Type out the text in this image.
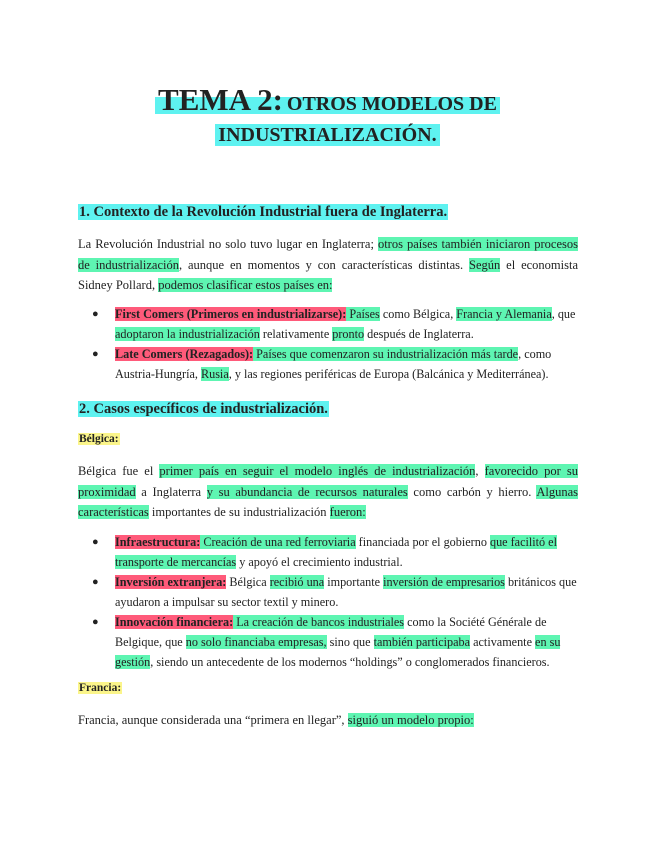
TEMA 2: OTROS MODELOS DE
INDUSTRIALIZACIÓN.
1. Contexto de la Revolución Industrial fuera de Inglaterra.
La Revolución Industrial no solo tuvo lugar en Inglaterra; otros países también iniciaron procesos de industrialización, aunque en momentos y con características distintas. Según el economista Sidney Pollard, podemos clasificar estos países en:
● First Comers (Primeros en industrializarse): Países como Bélgica, Francia y Alemania, que adoptaron la industrialización relativamente pronto después de Inglaterra.
● Late Comers (Rezagados): Países que comenzaron su industrialización más tarde, como Austria-Hungría, Rusia, y las regiones periféricas de Europa (Balcánica y Mediterránea).
2. Casos específicos de industrialización.
Bélgica:
Bélgica fue el primer país en seguir el modelo inglés de industrialización, favorecido por su proximidad a Inglaterra y su abundancia de recursos naturales como carbón y hierro. Algunas características importantes de su industrialización fueron:
● Infraestructura: Creación de una red ferroviaria financiada por el gobierno que facilitó el transporte de mercancías y apoyó el crecimiento industrial.
● Inversión extranjera: Bélgica recibió una importante inversión de empresarios británicos que ayudaron a impulsar su sector textil y minero.
● Innovación financiera: La creación de bancos industriales como la Société Générale de Belgique, que no solo financiaba empresas, sino que también participaba activamente en su gestión, siendo un antecedente de los modernos “holdings” o conglomerados financieros.
Francia:
Francia, aunque considerada una “primera en llegar”, siguió un modelo propio:
